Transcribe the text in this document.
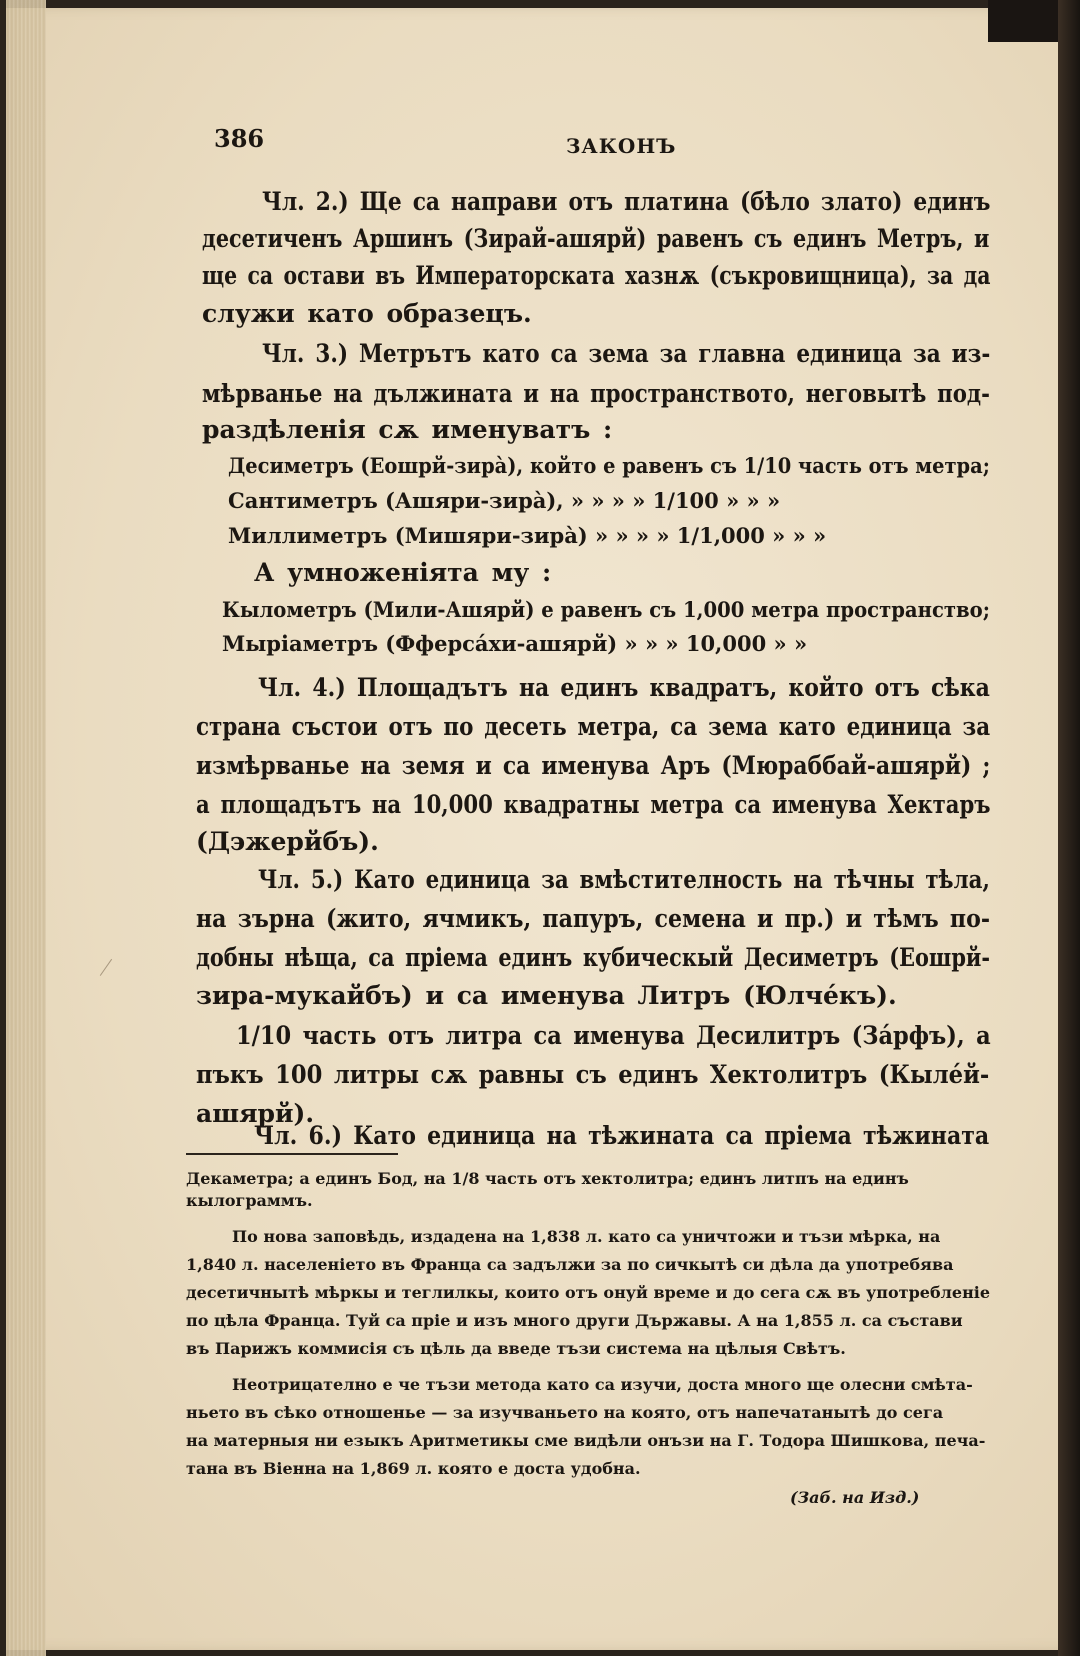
386	ЗАКОНЪ
Чл. 2.) Ще са направи отъ платина (бѣло злато) единъ
десетиченъ Аршинъ (Зирай-ашярй) равенъ съ единъ Метръ, и
ще са остави въ Императорската хазнѫ (съкровищница), за да
служи като образецъ.
Чл. 3.) Метрътъ като са зема за главна единица за из-
мѣрванье на дължината и на пространството, неговытѣ под-
раздѣленія сѫ именуватъ :
Десиметръ (Еошрй-зирà), който е равенъ съ 1/10 часть отъ метра;
Сантиметръ (Ашяри-зирà), » » » » 1/100 » » »
Миллиметръ (Мишяри-зирà) » » » » 1/1,000 » » »
А умноженіята му :
Кылометръ (Мили-Ашярй) е равенъ съ 1,000 метра пространство;
Мыріаметръ (Фферсáхи-ашярй) » » » 10,000 » »
Чл. 4.) Площадътъ на единъ квадратъ, който отъ сѣка
страна състои отъ по десеть метра, са зема като единица за
измѣрванье на земя и са именува Аръ (Мюраббай-ашярй) ;
а площадътъ на 10,000 квадратны метра са именува Хектаръ
(Дэжерйбъ).
Чл. 5.) Като единица за вмѣстителность на тѣчны тѣла,
на зърна (жито, ячмикъ, папуръ, семена и пр.) и тѣмъ по-
добны нѣща, са пріема единъ кубическый Десиметръ (Еошрй-
зира-мукайбъ) и са именува Литръ (Юлчéкъ).
1/10 часть отъ литра са именува Десилитръ (Зáрфъ), а
пъкъ 100 литры сѫ равны съ единъ Хектолитръ (Кылéй-
ашярй).
Чл. 6.) Като единица на тѣжината са пріема тѣжината
Декаметра; а единъ Бод, на 1/8 часть отъ хектолитра; единъ литпъ на единъ
кылограммъ.
По нова заповѣдь, издадена на 1,838 л. като са уничтожи и тъзи мѣрка, на
1,840 л. населеніето въ Франца са задължи за по сичкытѣ си дѣла да употребява
десетичнытѣ мѣркы и теглилкы, които отъ онуй време и до сега сѫ въ употребленіе
по цѣла Франца. Туй са пріе и изъ много други Държавы. А на 1,855 л. са състави
въ Парижъ коммисія съ цѣль да введе тъзи система на цѣлыя Свѣтъ.
Неотрицателно е че тъзи метода като са изучи, доста много ще олесни смѣта-
ньето въ сѣко отношенье — за изучваньето на която, отъ напечатанытѣ до сега
на матерныя ни езыкъ Аритметикы сме видѣли онъзи на Г. Тодора Шишкова, печа-
тана въ Віенна на 1,869 л. която е доста удобна.
(Заб. на Изд.)
